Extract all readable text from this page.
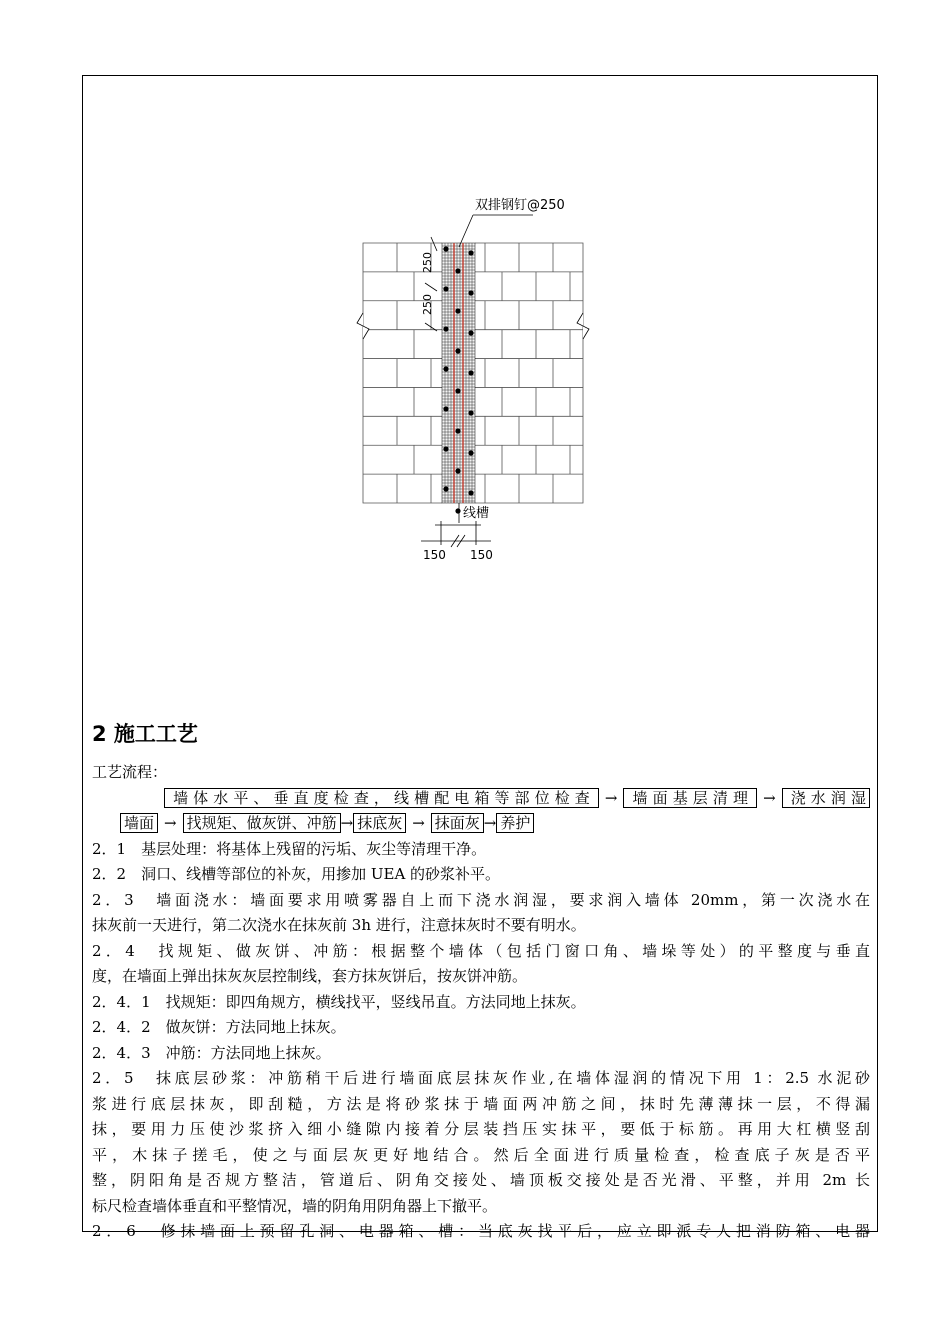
双排钢钉@250
250
250
线槽
150 150
2 施工工艺
工艺流程：
墙体水平、垂直度检查，线槽配电箱等部位检查 → 墙面基层清理 → 浇水润湿
墙面 → 找规矩、做灰饼、冲筋 → 抹底灰 → 抹面灰 → 养护
2．1　基层处理：将基体上残留的污垢、灰尘等清理干净。
2．2　洞口、线槽等部位的补灰，用掺加 UEA 的砂浆补平。
2．3　墙面浇水：墙面要求用喷雾器自上而下浇水润湿，要求润入墙体 20mm，第一次浇水在
抹灰前一天进行，第二次浇水在抹灰前 3h 进行，注意抹灰时不要有明水。
2．4　找规矩、做灰饼、冲筋：根据整个墙体（包括门窗口角、墙垛等处）的平整度与垂直
度，在墙面上弹出抹灰灰层控制线，套方抹灰饼后，按灰饼冲筋。
2．4．1　找规矩：即四角规方，横线找平，竖线吊直。方法同地上抹灰。
2．4．2　做灰饼：方法同地上抹灰。
2．4．3　冲筋：方法同地上抹灰。
2．5　抹底层砂浆：冲筋稍干后进行墙面底层抹灰作业,在墙体湿润的情况下用 1：2.5 水泥砂
浆进行底层抹灰，即刮糙，方法是将砂浆抹于墙面两冲筋之间，抹时先薄薄抹一层，不得漏
抹，要用力压使沙浆挤入细小缝隙内接着分层装挡压实抹平，要低于标筋。再用大杠横竖刮
平，木抹子搓毛，使之与面层灰更好地结合。然后全面进行质量检查，检查底子灰是否平
整，阴阳角是否规方整洁，管道后、阴角交接处、墙顶板交接处是否光滑、平整，并用 2m 长
标尺检查墙体垂直和平整情况，墙的阴角用阴角器上下撤平。
2．6　修抹墙面上预留孔洞、电器箱、槽：当底灰找平后，应立即派专人把消防箱、电器
